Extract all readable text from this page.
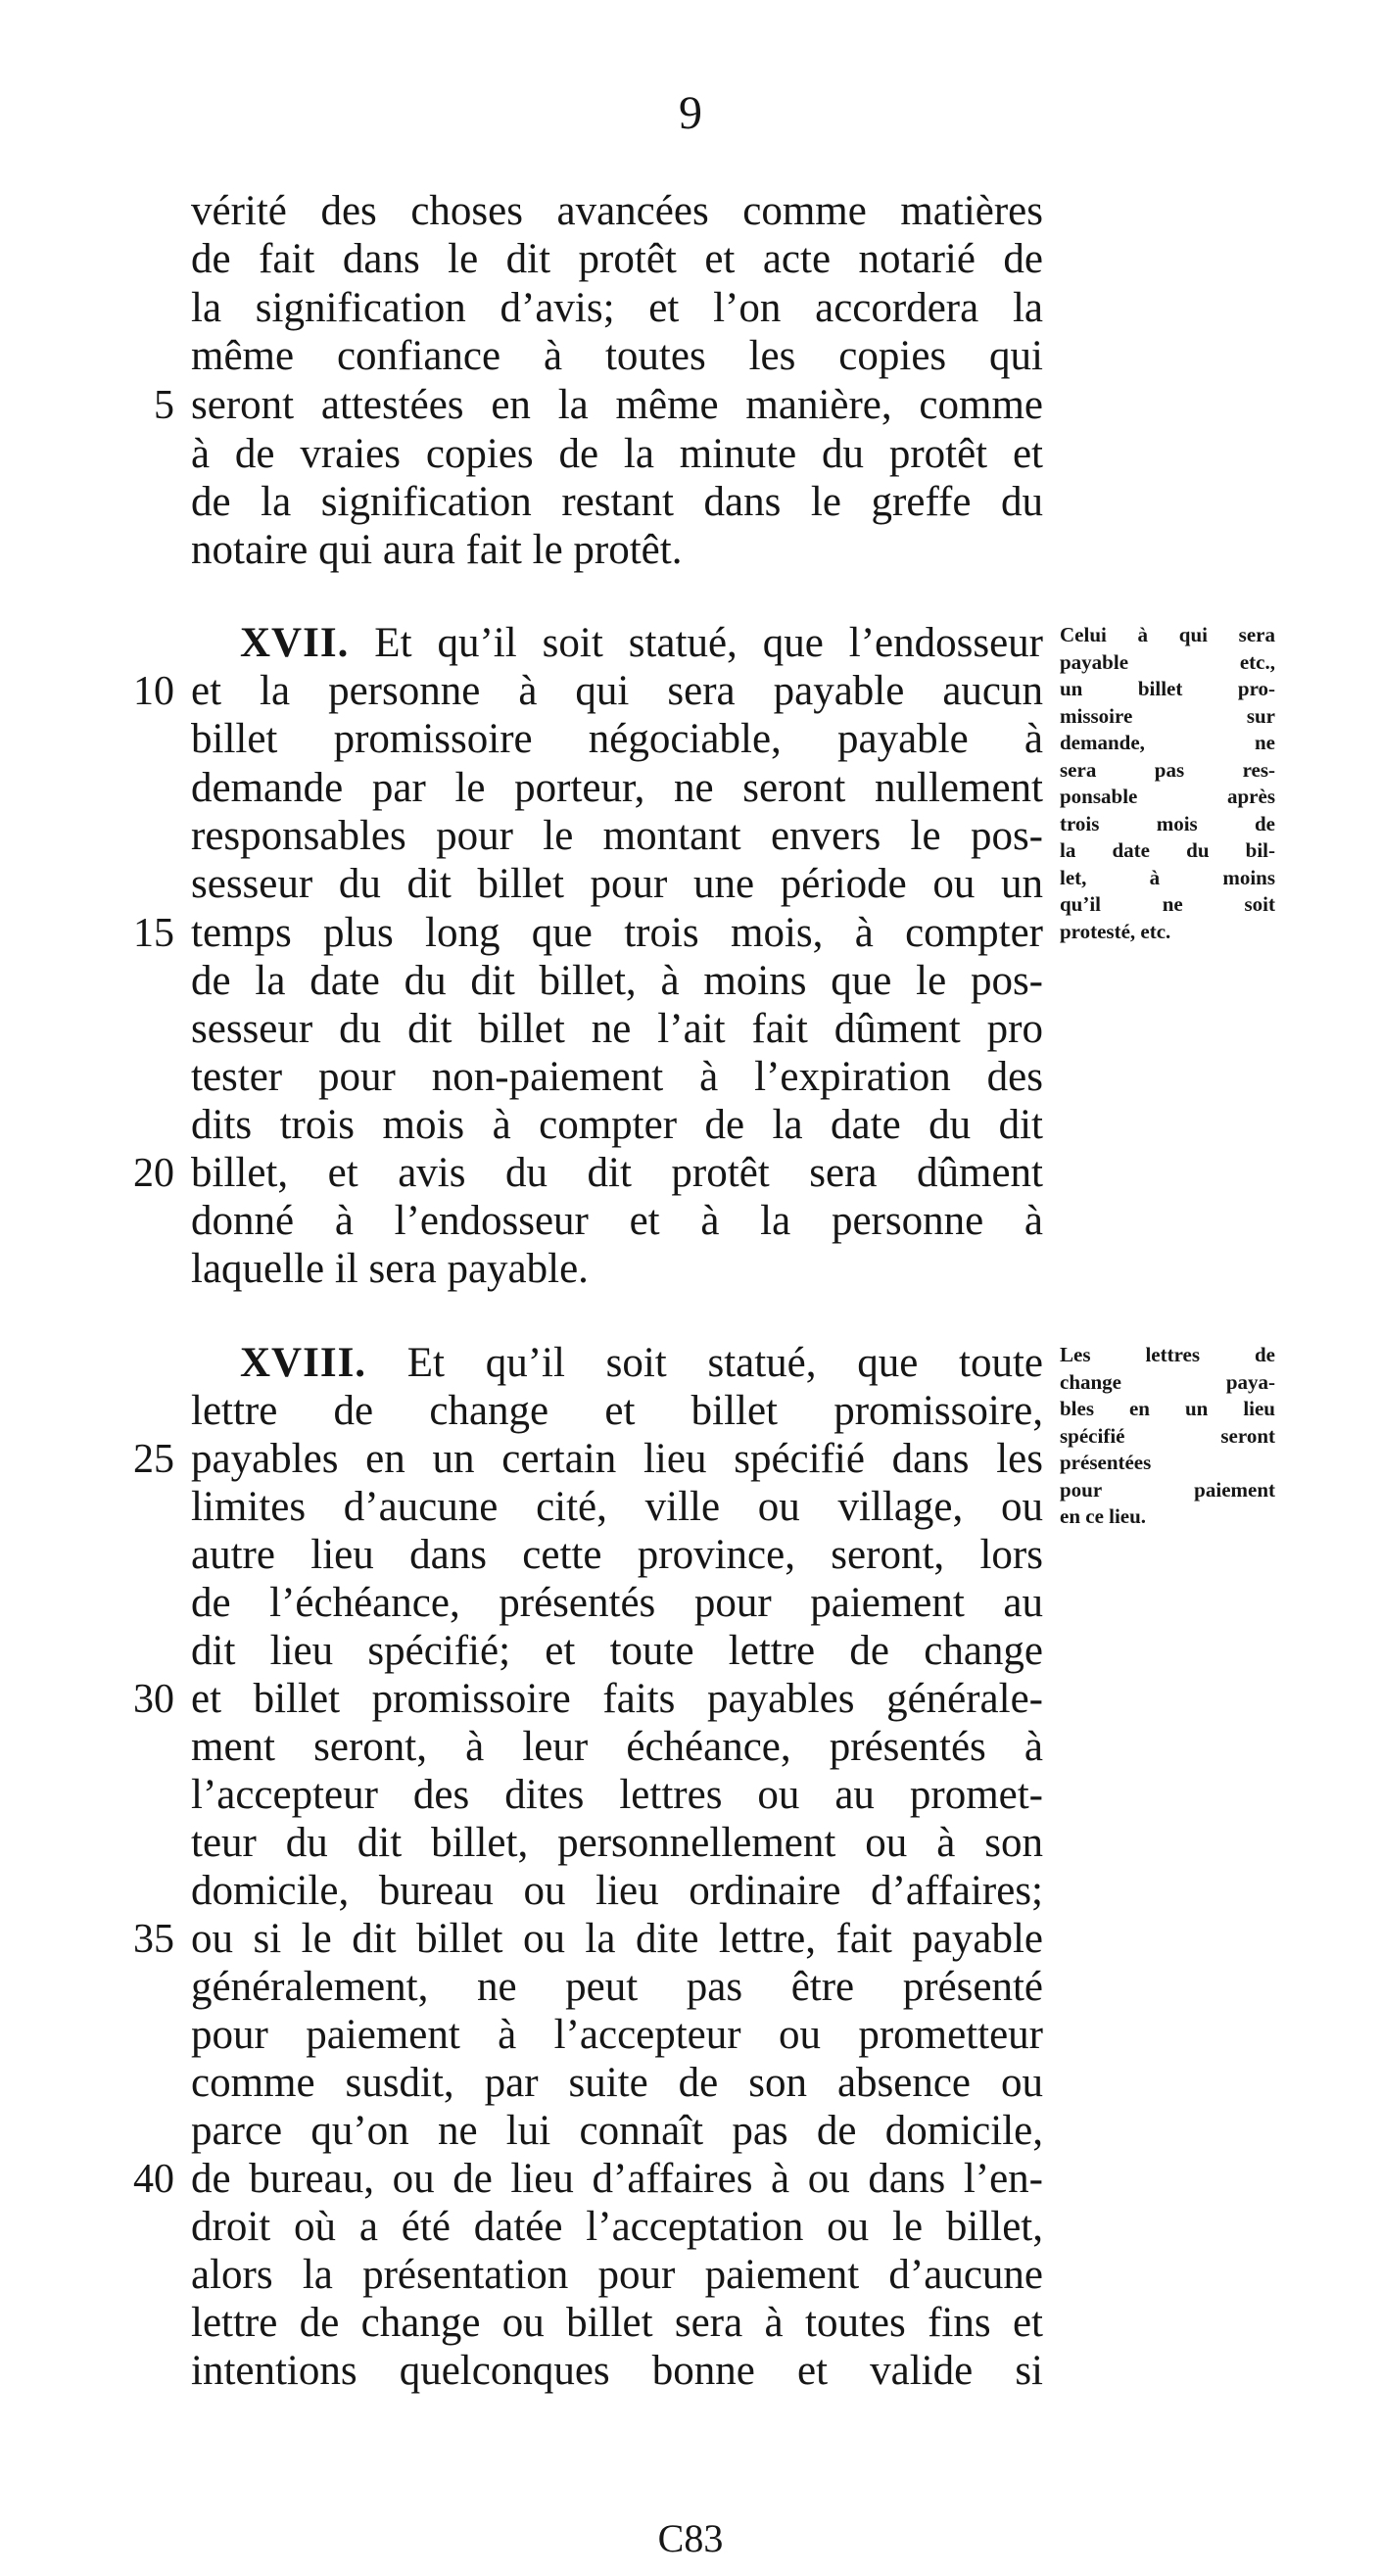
9
vérité des choses avancées comme matières
de fait dans le dit protêt et acte notarié de
la signification d’avis; et l’on accordera la
même confiance à toutes les copies qui
seront attestées en la même manière, comme
à de vraies copies de la minute du protêt et
de la signification restant dans le greffe du
notaire qui aura fait le protêt.
XVII. Et qu’il soit statué, que l’endosseur
et la personne à qui sera payable aucun
billet promissoire négociable, payable à
demande par le porteur, ne seront nullement
responsables pour le montant envers le pos-
sesseur du dit billet pour une période ou un
temps plus long que trois mois, à compter
de la date du dit billet, à moins que le pos-
sesseur du dit billet ne l’ait fait dûment pro
tester pour non-paiement à l’expiration des
dits trois mois à compter de la date du dit
billet, et avis du dit protêt sera dûment
donné à l’endosseur et à la personne à
laquelle il sera payable.
Celui à qui sera
payable etc.,
un billet pro-
missoire sur
demande, ne
sera pas res-
ponsable après
trois mois de
la date du bil-
let, à moins
qu’il ne soit
protesté, etc.
XVIII. Et qu’il soit statué, que toute
lettre de change et billet promissoire,
payables en un certain lieu spécifié dans les
limites d’aucune cité, ville ou village, ou
autre lieu dans cette province, seront, lors
de l’échéance, présentés pour paiement au
dit lieu spécifié; et toute lettre de change
et billet promissoire faits payables générale-
ment seront, à leur échéance, présentés à
l’accepteur des dites lettres ou au promet-
teur du dit billet, personnellement ou à son
domicile, bureau ou lieu ordinaire d’affaires;
ou si le dit billet ou la dite lettre, fait payable
généralement, ne peut pas être présenté
pour paiement à l’accepteur ou prometteur
comme susdit, par suite de son absence ou
parce qu’on ne lui connaît pas de domicile,
de bureau, ou de lieu d’affaires à ou dans l’en-
droit où a été datée l’acceptation ou le billet,
alors la présentation pour paiement d’aucune
lettre de change ou billet sera à toutes fins et
intentions quelconques bonne et valide si
Les lettres de
change paya-
bles en un lieu
spécifié seront
présentées
pour paiement
en ce lieu.
5
10
15
20
25
30
35
40
C83
